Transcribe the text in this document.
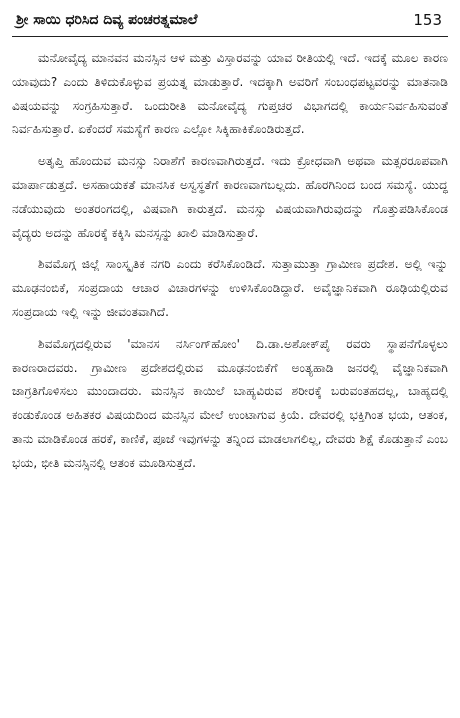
ಶ್ರೀ ಸಾಯಿ ಧರಿಸಿದ ದಿವ್ಯ ಪಂಚರತ್ನಮಾಲೆ	153

ಮನೋವೈದ್ಯ ಮಾನವನ ಮನಸ್ಸಿನ ಆಳ ಮತ್ತು ವಿಸ್ತಾರವನ್ನು ಯಾವ ರೀತಿಯಲ್ಲಿ ಇದೆ. ಇದಕ್ಕೆ ಮೂಲ ಕಾರಣ ಯಾವುದು? ಎಂದು ತಿಳಿದುಕೊಳ್ಳುವ ಪ್ರಯತ್ನ ಮಾಡುತ್ತಾರೆ. ಇದಕ್ಕಾಗಿ ಅವರಿಗೆ ಸಂಬಂಧಪಟ್ಟವರನ್ನು ಮಾತನಾಡಿ ವಿಷಯವನ್ನು ಸಂಗ್ರಹಿಸುತ್ತಾರೆ. ಒಂದುರೀತಿ ಮನೋವೈದ್ಯ ಗುಪ್ತಚರ ವಿಭಾಗದಲ್ಲಿ ಕಾರ್ಯನಿರ್ವಹಿಸುವಂತೆ ನಿರ್ವಹಿಸುತ್ತಾರೆ. ಏಕೆಂದರೆ ಸಮಸ್ಯೆಗೆ ಕಾರಣ ಎಲ್ಲೋ ಸಿಕ್ಕಿಹಾಕಿಕೊಂಡಿರುತ್ತದೆ.

ಅತೃಪ್ತಿ ಹೊಂದುವ ಮನಸ್ಸು ನಿರಾಶೆಗೆ ಕಾರಣವಾಗಿರುತ್ತದೆ. ಇದು ಕ್ರೋಧವಾಗಿ ಅಥವಾ ಮತ್ಸರರೂಪವಾಗಿ ಮಾರ್ಪಾಡುತ್ತದೆ. ಅಸಹಾಯಕತೆ ಮಾನಸಿಕ ಅಸ್ವಸ್ಥತೆಗೆ ಕಾರಣವಾಗಬಲ್ಲದು. ಹೊರಗಿನಿಂದ ಬಂದ ಸಮಸ್ಯೆ. ಯುದ್ಧ ನಡೆಯುವುದು ಅಂತರಂಗದಲ್ಲಿ, ವಿಷವಾಗಿ ಕಾರುತ್ತದೆ. ಮನಸ್ಸು ವಿಷಯವಾಗಿರುವುದನ್ನು ಗೊತ್ತುಪಡಿಸಿಕೊಂಡ ವೈದ್ಯರು ಅದನ್ನು ಹೊರಕ್ಕೆ ಕಕ್ಕಿಸಿ ಮನಸ್ಸನ್ನು ಖಾಲಿ ಮಾಡಿಸುತ್ತಾರೆ.

ಶಿವಮೊಗ್ಗ ಜಿಲ್ಲೆ ಸಾಂಸ್ಕೃತಿಕ ನಗರಿ ಎಂದು ಕರೆಸಿಕೊಂಡಿದೆ. ಸುತ್ತಾಮುತ್ತಾ ಗ್ರಾಮೀಣ ಪ್ರದೇಶ. ಅಲ್ಲಿ ಇನ್ನು ಮೂಢನಂಬಿಕೆ, ಸಂಪ್ರದಾಯ ಆಚಾರ ವಿಚಾರಗಳನ್ನು ಉಳಿಸಿಕೊಂಡಿದ್ದಾರೆ. ಅವೈಜ್ಞಾನಿಕವಾಗಿ ರೂಢಿಯಲ್ಲಿರುವ ಸಂಪ್ರದಾಯ ಇಲ್ಲಿ ಇನ್ನು ಜೀವಂತವಾಗಿದೆ.

ಶಿವಮೊಗ್ಗದಲ್ಲಿರುವ 'ಮಾನಸ ನರ್ಸಿಂಗ್‌ಹೋಂ' ದಿ.ಡಾ.ಅಶೋಕ್‌ಪೈ ರವರು ಸ್ಥಾಪನೆಗೊಳ್ಳಲು ಕಾರಣರಾದವರು. ಗ್ರಾಮೀಣ ಪ್ರದೇಶದಲ್ಲಿರುವ ಮೂಢನಂಬಿಕೆಗೆ ಅಂತ್ಯಹಾಡಿ ಜನರಲ್ಲಿ ವೈಜ್ಞಾನಿಕವಾಗಿ ಜಾಗ್ರತಿಗೊಳಿಸಲು ಮುಂದಾದರು. ಮನಸ್ಸಿನ ಕಾಯಿಲೆ ಬಾಹ್ಯವಿರುವ ಶರೀರಕ್ಕೆ ಬರುವಂತಹದಲ್ಲ, ಬಾಹ್ಯದಲ್ಲಿ ಕಂಡುಕೊಂಡ ಅಹಿತಕರ ವಿಷಯದಿಂದ ಮನಸ್ಸಿನ ಮೇಲೆ ಉಂಟಾಗುವ ಕ್ರಿಯೆ. ದೇವರಲ್ಲಿ ಭಕ್ತಿಗಿಂತ ಭಯ, ಆತಂಕ, ತಾನು ಮಾಡಿಕೊಂಡ ಹರಕೆ, ಕಾಣಿಕೆ, ಪೂಜೆ ಇವುಗಳನ್ನು ತನ್ನಿಂದ ಮಾಡಲಾಗಲಿಲ್ಲ, ದೇವರು ಶಿಕ್ಷೆ ಕೊಡುತ್ತಾನೆ ಎಂಬ ಭಯ, ಭೀತಿ ಮನಸ್ಸಿನಲ್ಲಿ ಆತಂಕ ಮೂಡಿಸುತ್ತದೆ.
